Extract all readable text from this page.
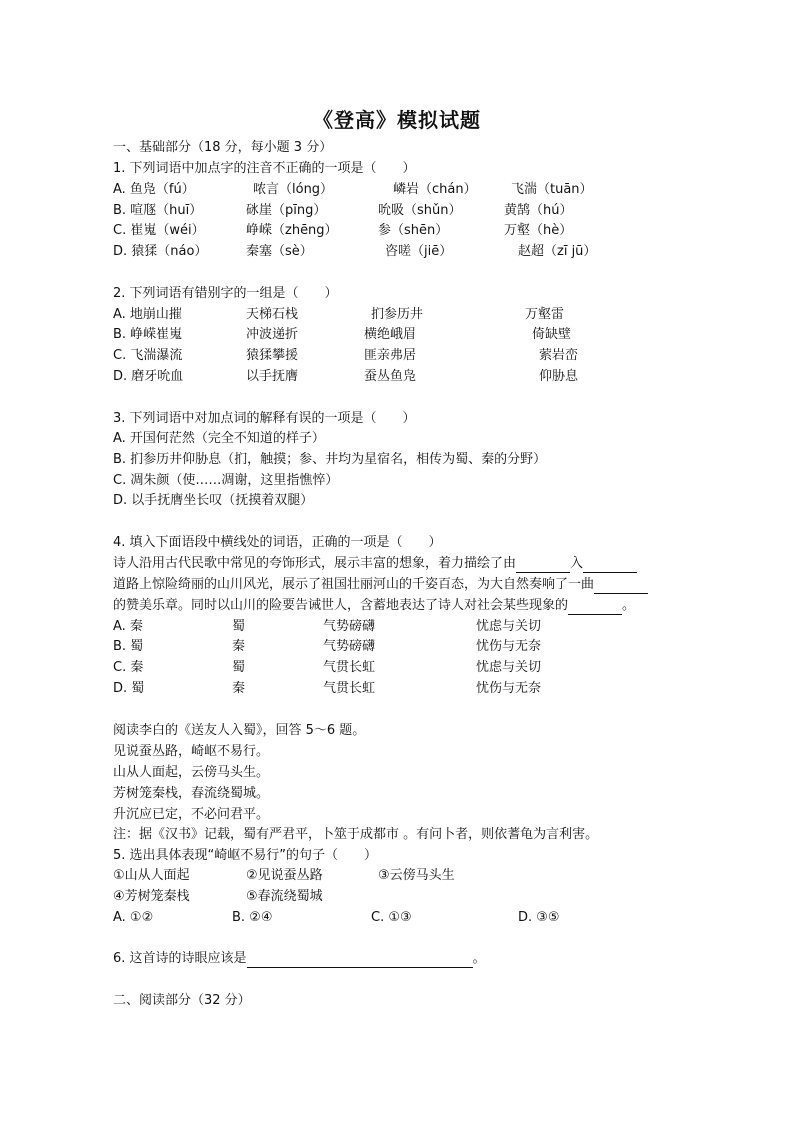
《登高》模拟试题
一、基础部分（18 分，每小题 3 分）
1. 下列词语中加点字的注音不正确的一项是（　　）
A. 鱼凫（fú）	哝言（lóng）	嶙岩（chán）	飞湍（tuān）
B. 喧豗（huī）	砯崖（pīng）	吮吸（shǔn）	黄鹄（hú）
C. 崔嵬（wéi）	峥嵘（zhēng）	参（shēn）	万壑（hè）
D. 猿猱（náo）	秦塞（sè）	咨嗟（jiē）	赵超（zī jū）
2. 下列词语有错别字的一组是（　　）
A. 地崩山摧	天梯石栈	扪参历井	万壑雷
B. 峥嵘崔嵬	冲波递折	横绝峨眉	倚缺壁
C. 飞湍瀑流	猿猱攀援	匪亲弗居	萦岩峦
D. 磨牙吮血	以手抚膺	蚕丛鱼凫	仰胁息
3. 下列词语中对加点词的解释有误的一项是（　　）
A. 开国何茫然（完全不知道的样子）
B. 扪参历井仰胁息（扪，触摸；参、井均为星宿名，相传为蜀、秦的分野）
C. 凋朱颜（使……凋谢，这里指憔悴）
D. 以手抚膺坐长叹（抚摸着双腿）
4. 填入下面语段中横线处的词语，正确的一项是（　　）
诗人沿用古代民歌中常见的夸饰形式，展示丰富的想象，着力描绘了由	入
道路上惊险绮丽的山川风光，展示了祖国壮丽河山的千姿百态，为大自然奏响了一曲
的赞美乐章。同时以山川的险要告诫世人，含蓄地表达了诗人对社会某些现象的	。
A. 秦	蜀	气势磅礴	忧虑与关切
B. 蜀	秦	气势磅礴	忧伤与无奈
C. 秦	蜀	气贯长虹	忧虑与关切
D. 蜀	秦	气贯长虹	忧伤与无奈
阅读李白的《送友人入蜀》，回答 5～6 题。
见说蚕丛路，崎岖不易行。
山从人面起，云傍马头生。
芳树笼秦栈，春流绕蜀城。
升沉应已定，不必问君平。
注：据《汉书》记载，蜀有严君平，卜筮于成都市 。有问卜者，则依蓍龟为言利害。
5. 选出具体表现“崎岖不易行”的句子（　　）
①山从人面起	②见说蚕丛路	③云傍马头生
④芳树笼秦栈	⑤春流绕蜀城
A. ①②	B. ②④	C. ①③	D. ③⑤
6. 这首诗的诗眼应该是	。
二、阅读部分（32 分）
